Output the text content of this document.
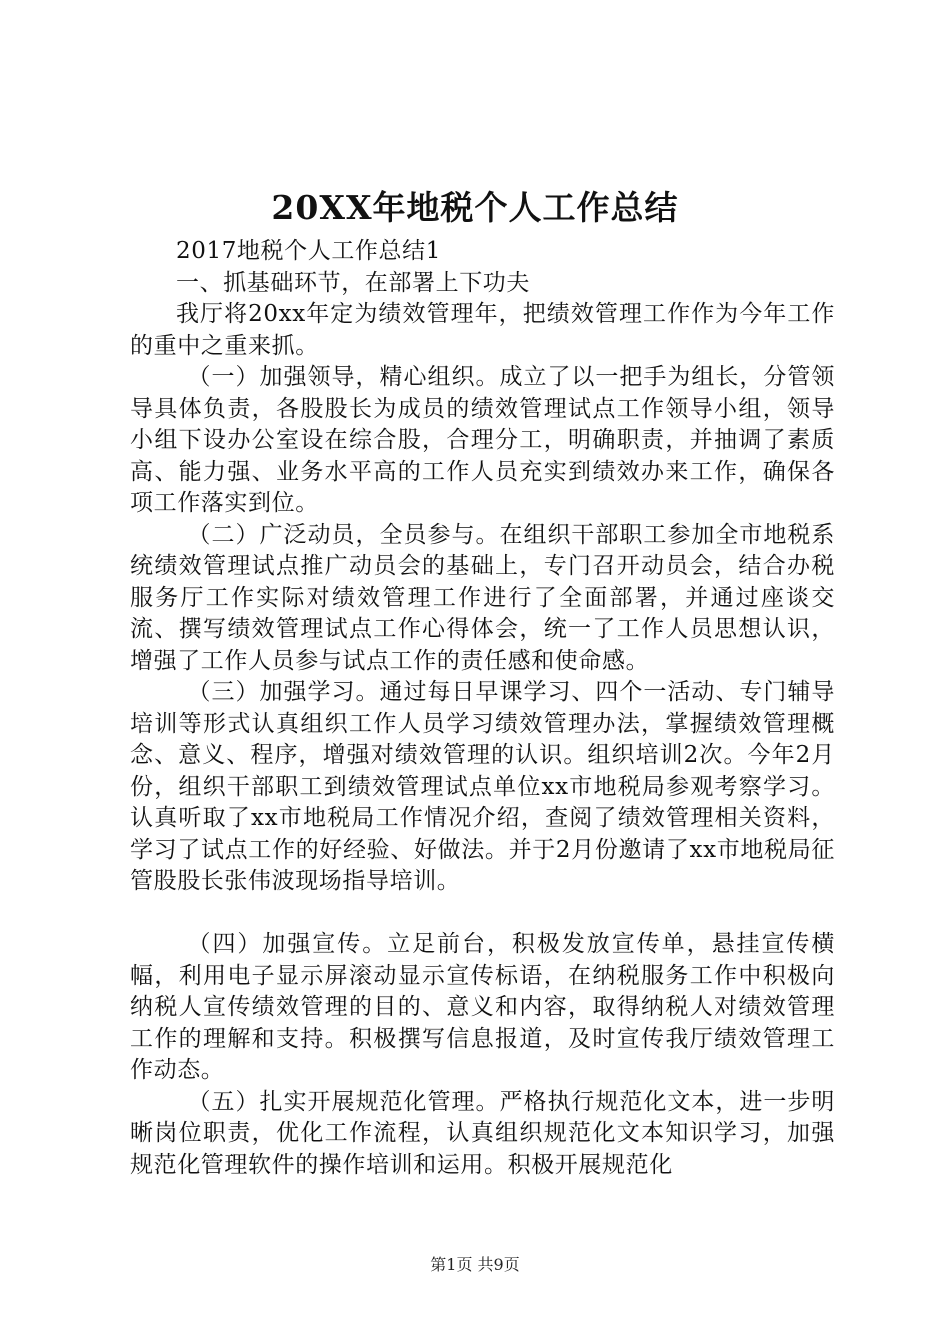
20XX年地税个人工作总结

2017地税个人工作总结1

一、抓基础环节，在部署上下功夫

我厅将20xx年定为绩效管理年，把绩效管理工作作为今年工作的重中之重来抓。

（一）加强领导，精心组织。成立了以一把手为组长，分管领导具体负责，各股股长为成员的绩效管理试点工作领导小组，领导小组下设办公室设在综合股，合理分工，明确职责，并抽调了素质高、能力强、业务水平高的工作人员充实到绩效办来工作，确保各项工作落实到位。

（二）广泛动员，全员参与。在组织干部职工参加全市地税系统绩效管理试点推广动员会的基础上，专门召开动员会，结合办税服务厅工作实际对绩效管理工作进行了全面部署，并通过座谈交流、撰写绩效管理试点工作心得体会，统一了工作人员思想认识，增强了工作人员参与试点工作的责任感和使命感。

（三）加强学习。通过每日早课学习、四个一活动、专门辅导培训等形式认真组织工作人员学习绩效管理办法，掌握绩效管理概念、意义、程序，增强对绩效管理的认识。组织培训2次。今年2月份，组织干部职工到绩效管理试点单位xx市地税局参观考察学习。认真听取了xx市地税局工作情况介绍，查阅了绩效管理相关资料，学习了试点工作的好经验、好做法。并于2月份邀请了xx市地税局征管股股长张伟波现场指导培训。

（四）加强宣传。立足前台，积极发放宣传单，悬挂宣传横幅，利用电子显示屏滚动显示宣传标语，在纳税服务工作中积极向纳税人宣传绩效管理的目的、意义和内容，取得纳税人对绩效管理工作的理解和支持。积极撰写信息报道，及时宣传我厅绩效管理工作动态。

（五）扎实开展规范化管理。严格执行规范化文本，进一步明晰岗位职责，优化工作流程，认真组织规范化文本知识学习，加强规范化管理软件的操作培训和运用。积极开展规范化

第1页 共9页
